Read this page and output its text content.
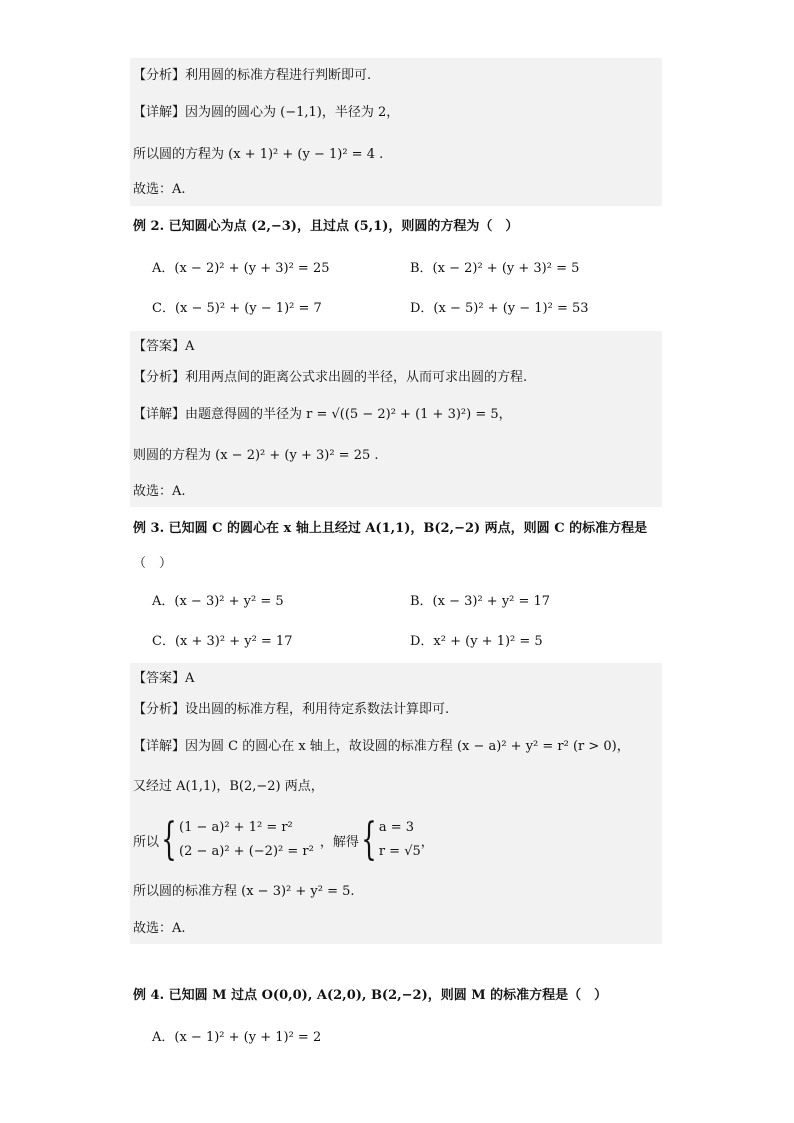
【分析】利用圆的标准方程进行判断即可.
【详解】因为圆的圆心为 (−1,1)，半径为 2，
所以圆的方程为 (x + 1)² + (y − 1)² = 4 .
故选：A.
例 2. 已知圆心为点 (2,−3)，且过点 (5,1)，则圆的方程为（　）
A．(x − 2)² + (y + 3)² = 25	B．(x − 2)² + (y + 3)² = 5
C．(x − 5)² + (y − 1)² = 7	D．(x − 5)² + (y − 1)² = 53
【答案】A
【分析】利用两点间的距离公式求出圆的半径，从而可求出圆的方程.
【详解】由题意得圆的半径为 r = √((5 − 2)² + (1 + 3)²) = 5，
则圆的方程为 (x − 2)² + (y + 3)² = 25 .
故选：A.
例 3. 已知圆 C 的圆心在 x 轴上且经过 A(1,1)，B(2,−2) 两点，则圆 C 的标准方程是
（　）
A．(x − 3)² + y² = 5	B．(x − 3)² + y² = 17
C．(x + 3)² + y² = 17	D．x² + (y + 1)² = 5
【答案】A
【分析】设出圆的标准方程，利用待定系数法计算即可.
【详解】因为圆 C 的圆心在 x 轴上，故设圆的标准方程 (x − a)² + y² = r² (r > 0)，
又经过 A(1,1)，B(2,−2) 两点，
所以 { (1 − a)² + 1² = r²
(2 − a)² + (−2)² = r²
，解得 { a = 3
r = √5
，
所以圆的标准方程 (x − 3)² + y² = 5.
故选：A.
例 4. 已知圆 M 过点 O(0,0), A(2,0), B(2,−2)，则圆 M 的标准方程是（　）
A．(x − 1)² + (y + 1)² = 2
